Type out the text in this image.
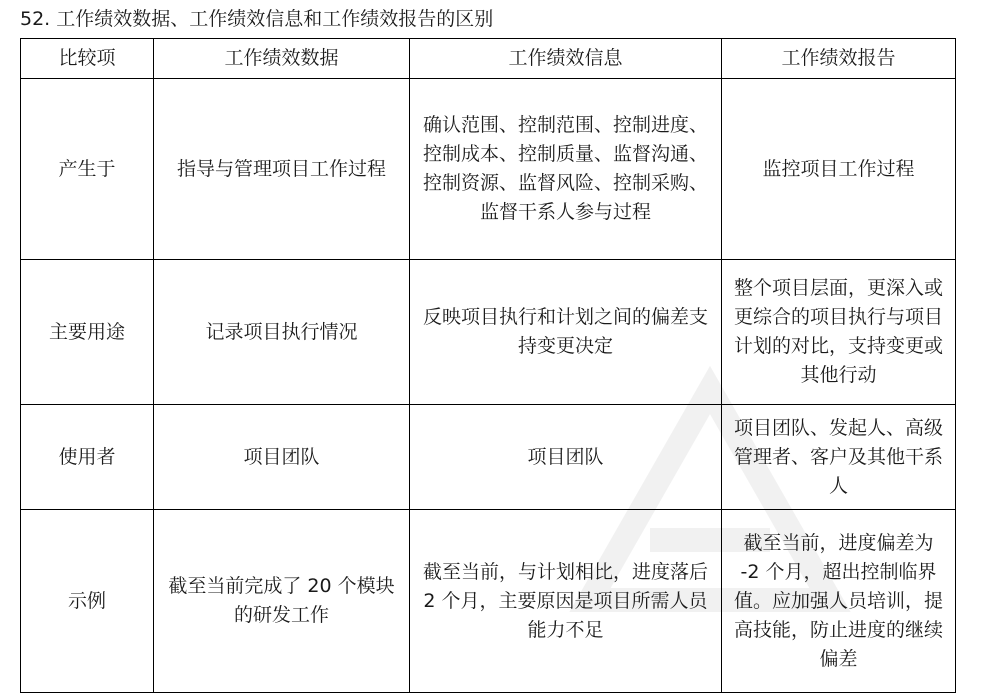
52. 工作绩效数据、工作绩效信息和工作绩效报告的区别
比较项	工作绩效数据	工作绩效信息	工作绩效报告
产生于	指导与管理项目工作过程	确认范围、控制范围、控制进度、 控制成本、控制质量、监督沟通、 控制资源、监督风险、控制采购、 监督干系人参与过程	监控项目工作过程
主要用途	记录项目执行情况	反映项目执行和计划之间的偏差支持变更决定	整个项目层面，更深入或更综合的项目执行与项目计划的对比，支持变更或其他行动
使用者	项目团队	项目团队	项目团队、发起人、高级管理者、客户及其他干系人
示例	截至当前完成了 20 个模块的研发工作	截至当前，与计划相比，进度落后 2 个月，主要原因是项目所需人员能力不足	截至当前，进度偏差为 -2 个月，超出控制临界值。应加强人员培训，提高技能，防止进度的继续偏差
